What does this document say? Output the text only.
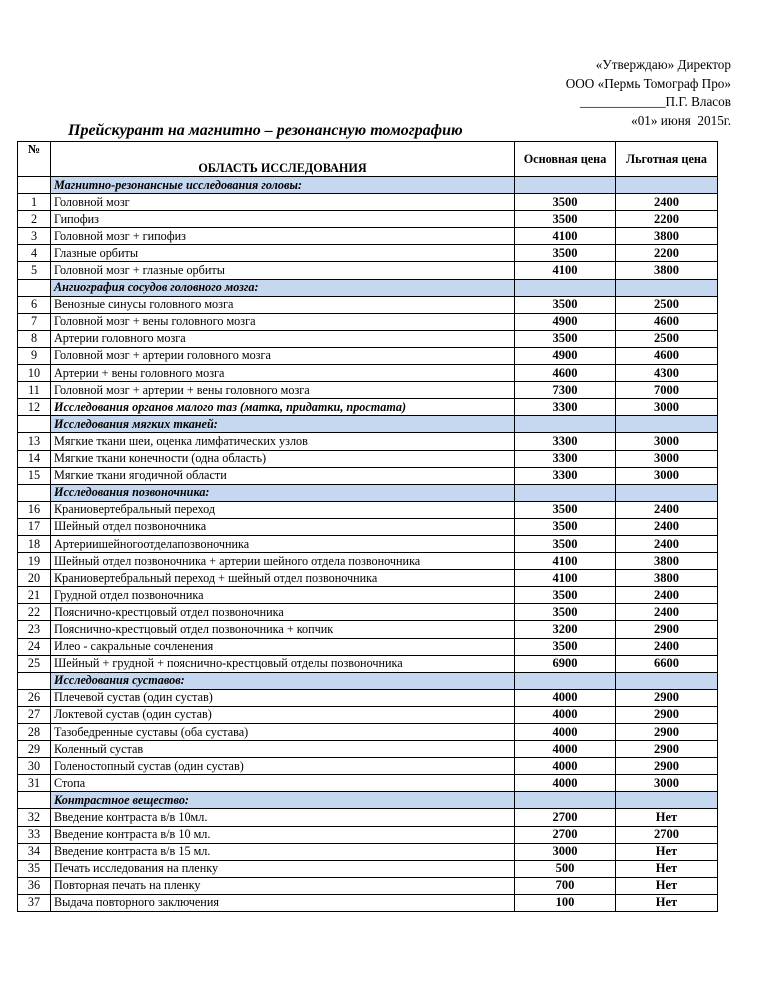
«Утверждаю» Директор
ООО «Пермь Томограф Про»
_____________П.Г. Власов
«01» июня  2015г.
Прейскурант на магнитно – резонансную томографию
№	ОБЛАСТЬ ИССЛЕДОВАНИЯ	Основная цена	Льготная цена
	Магнитно-резонансные исследования головы:		
1	Головной мозг	3500	2400
2	Гипофиз	3500	2200
3	Головной мозг + гипофиз	4100	3800
4	Глазные орбиты	3500	2200
5	Головной мозг + глазные орбиты	4100	3800
	Ангиография сосудов головного мозга:		
6	Венозные синусы головного мозга	3500	2500
7	Головной мозг + вены головного мозга	4900	4600
8	Артерии головного мозга	3500	2500
9	Головной мозг + артерии головного мозга	4900	4600
10	Артерии + вены головного мозга	4600	4300
11	Головной мозг + артерии + вены головного мозга	7300	7000
12	Исследования органов малого таз (матка, придатки, простата)	3300	3000
	Исследования мягких тканей:		
13	Мягкие ткани шеи, оценка лимфатических узлов	3300	3000
14	Мягкие ткани конечности (одна область)	3300	3000
15	Мягкие ткани ягодичной области	3300	3000
	Исследования позвоночника:		
16	Краниовертебральный переход	3500	2400
17	Шейный отдел позвоночника	3500	2400
18	Артериишейногоотделапозвоночника	3500	2400
19	Шейный отдел позвоночника + артерии шейного отдела позвоночника	4100	3800
20	Краниовертебральный переход + шейный отдел позвоночника	4100	3800
21	Грудной отдел позвоночника	3500	2400
22	Пояснично-крестцовый отдел позвоночника	3500	2400
23	Пояснично-крестцовый отдел позвоночника + копчик	3200	2900
24	Илео - сакральные сочленения	3500	2400
25	Шейный + грудной + пояснично-крестцовый отделы позвоночника	6900	6600
	Исследования суставов:		
26	Плечевой сустав (один сустав)	4000	2900
27	Локтевой сустав (один сустав)	4000	2900
28	Тазобедренные суставы (оба сустава)	4000	2900
29	Коленный сустав	4000	2900
30	Голеностопный сустав (один сустав)	4000	2900
31	Стопа	4000	3000
	Контрастное вещество:		
32	Введение контраста в/в 10мл.	2700	Нет
33	Введение контраста в/в 10 мл.	2700	2700
34	Введение контраста в/в 15 мл.	3000	Нет
35	Печать исследования на пленку	500	Нет
36	Повторная печать на пленку	700	Нет
37	Выдача повторного заключения	100	Нет
